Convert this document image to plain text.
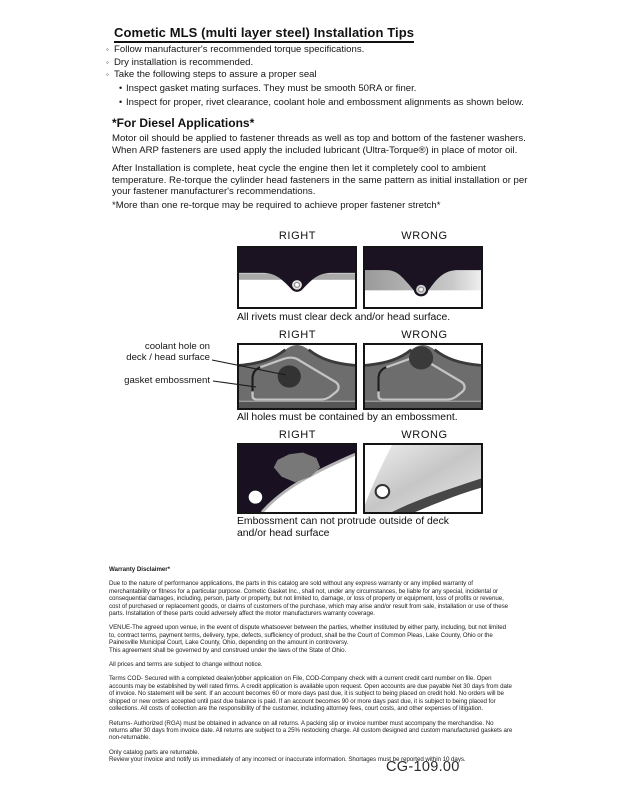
Cometic MLS (multi layer steel) Installation Tips
◦ Follow manufacturer's recommended torque specifications.
◦ Dry installation is recommended.
◦ Take the following steps to assure a proper seal
• Inspect gasket mating surfaces. They must be smooth 50RA or finer.
• Inspect for proper, rivet clearance, coolant hole and embossment alignments as shown below.
*For Diesel Applications*
Motor oil should be applied to fastener threads as well as top and bottom of the fastener washers. When ARP fasteners are used apply the included lubricant (Ultra-Torque®) in place of motor oil.
After Installation is complete, heat cycle the engine then let it completely cool to ambient temperature. Re-torque the cylinder head fasteners in the same pattern as initial installation or per your fastener manufacturer's recommendations.
*More than one re-torque may be required to achieve proper fastener stretch*
RIGHT	WRONG
All rivets must clear deck and/or head surface.
RIGHT	WRONG
All holes must be contained by an embossment.
coolant hole on
deck / head surface
gasket embossment
RIGHT	WRONG
Embossment can not protrude outside of deck
and/or head surface
Warranty Disclaimer*

Due to the nature of performance applications, the parts in this catalog are sold without any express warranty or any implied warranty of merchantability or fitness for a particular purpose. Cometic Gasket Inc., shall not, under any circumstances, be liable for any special, incidental or consequential damages, including, person, party or property, but not limited to, damage, or loss of property or equipment, loss of profits or revenue, cost of purchased or replacement goods, or claims of customers of the purchase, which may arise and/or result from sale, installation or use of these parts. Installation of these parts could adversely affect the motor manufacturers warranty coverage.

VENUE-The agreed upon venue, in the event of dispute whatsoever between the parties, whether instituted by either party, including, but not limited to, contract terms, payment terms, delivery, type, defects, sufficiency of product, shall be the Court of Common Pleas, Lake County, Ohio or the Painesville Municipal Court, Lake County, Ohio, depending on the amount in controversy.
This agreement shall be governed by and construed under the laws of the State of Ohio.

All prices and terms are subject to change without notice.

Terms COD- Secured with a completed dealer/jobber application on File, COD-Company check with a current credit card number on file. Open accounts may be established by well rated firms. A credit application is available upon request. Open accounts are due payable Net 30 days from date of invoice. No statement will be sent. If an account becomes 60 or more days past due, it is subject to being placed on credit hold. No orders will be shipped or new orders accepted until past due balance is paid. If an account becomes 90 or more days past due, it is subject to being placed for collections. All costs of collection are the responsibility of the customer, including attorney fees, court costs, and other expenses of litigation.

Returns- Authorized (RGA) must be obtained in advance on all returns. A packing slip or invoice number must accompany the merchandise. No returns after 30 days from invoice date. All returns are subject to a 25% restocking charge. All custom designed and custom manufactured gaskets are non-returnable.

Only catalog parts are returnable.
Review your invoice and notify us immediately of any incorrect or inaccurate information. Shortages must be reported within 10 days.

CG-109.00
